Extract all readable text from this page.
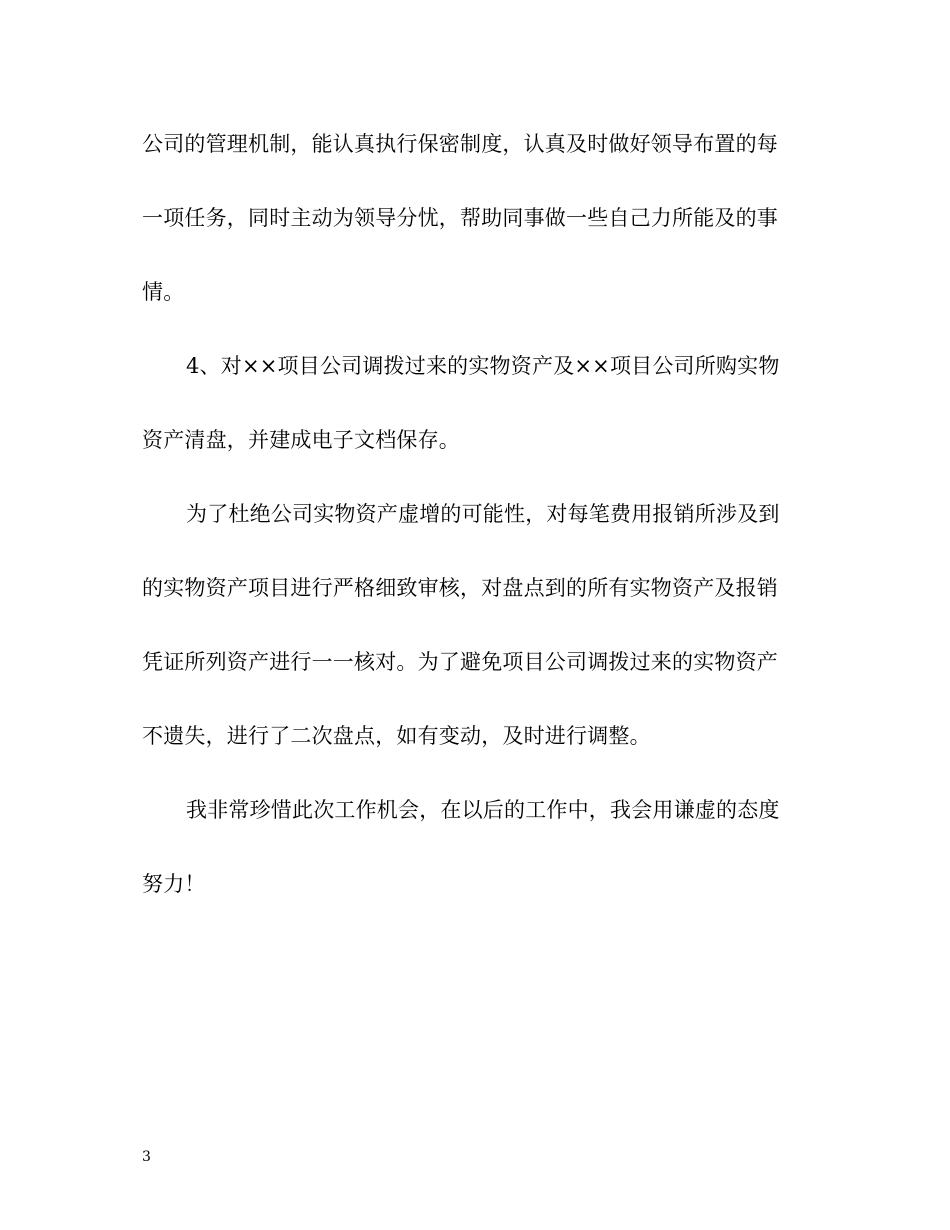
公司的管理机制，能认真执行保密制度，认真及时做好领导布置的每
一项任务，同时主动为领导分忧，帮助同事做一些自己力所能及的事
情。
4、对××项目公司调拨过来的实物资产及××项目公司所购实物
资产清盘，并建成电子文档保存。
为了杜绝公司实物资产虚增的可能性，对每笔费用报销所涉及到
的实物资产项目进行严格细致审核，对盘点到的所有实物资产及报销
凭证所列资产进行一一核对。为了避免项目公司调拨过来的实物资产
不遗失，进行了二次盘点，如有变动，及时进行调整。
我非常珍惜此次工作机会，在以后的工作中，我会用谦虚的态度
努力！
3
